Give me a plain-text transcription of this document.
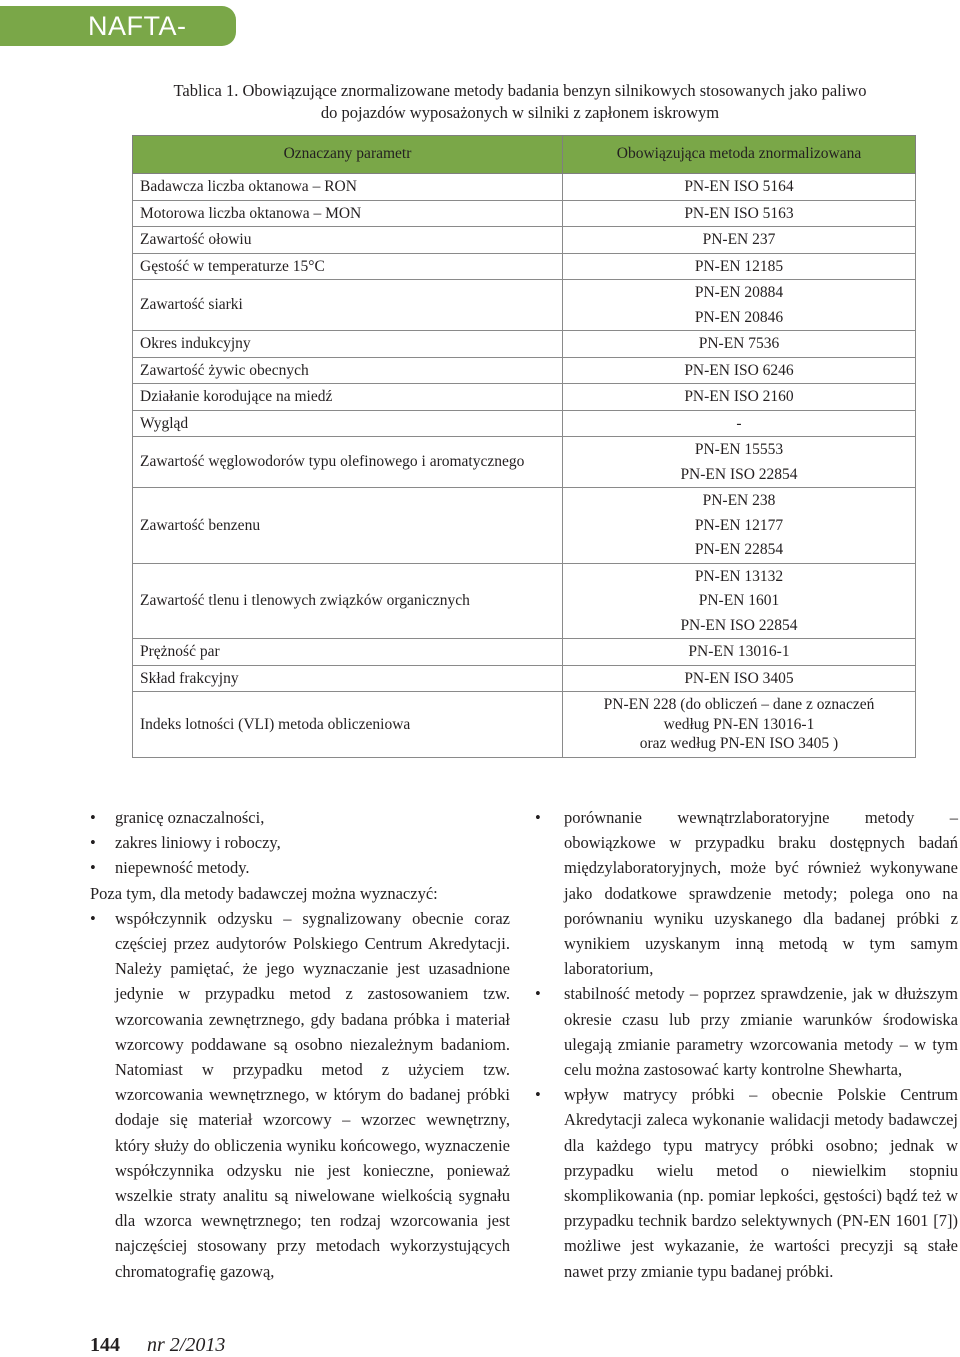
NAFTA-GAZ
Tablica 1. Obowiązujące znormalizowane metody badania benzyn silnikowych stosowanych jako paliwo
do pojazdów wyposażonych w silniki z zapłonem iskrowym
Oznaczany parametr	Obowiązująca metoda znormalizowana
Badawcza liczba oktanowa – RON	PN-EN ISO 5164

Motorowa liczba oktanowa – MON	PN-EN ISO 5163

Zawartość ołowiu	PN-EN 237

Gęstość w temperaturze 15°C	PN-EN 12185

Zawartość siarki	PN-EN 20884
PN-EN 20846

Okres indukcyjny	PN-EN 7536

Zawartość żywic obecnych	PN-EN ISO 6246

Działanie korodujące na miedź	PN-EN ISO 2160

Wygląd	-

Zawartość węglowodorów typu olefinowego i aromatycznego	PN-EN 15553
PN-EN ISO 22854

Zawartość benzenu	PN-EN 238
PN-EN 12177
PN-EN 22854

Zawartość tlenu i tlenowych związków organicznych	PN-EN 13132
PN-EN 1601
PN-EN ISO 22854

Prężność par	PN-EN 13016-1

Skład frakcyjny	PN-EN ISO 3405

Indeks lotności (VLI) metoda obliczeniowa	PN-EN 228 (do obliczeń – dane z oznaczeń
według PN-EN 13016-1
oraz według PN-EN ISO 3405 )
• granicę oznaczalności,
• zakres liniowy i roboczy,
• niepewność metody.

Poza tym, dla metody badawczej można wyznaczyć:

• współczynnik odzysku – sygnalizowany obecnie coraz częściej przez audytorów Polskiego Centrum Akredytacji. Należy pamiętać, że jego wyznaczanie jest uzasadnione jedynie w przypadku metod z zastosowaniem tzw. wzorcowania zewnętrznego, gdy badana próbka i materiał wzorcowy poddawane są osobno niezależnym badaniom. Natomiast w przypadku metod z użyciem tzw. wzorcowania wewnętrznego, w którym do badanej próbki dodaje się materiał wzorcowy – wzorzec wewnętrzny, który służy do obliczenia wyniku końcowego, wyznaczenie współczynnika odzysku nie jest konieczne, ponieważ wszelkie straty analitu są niwelowane wielkością sygnału dla wzorca wewnętrznego; ten rodzaj wzorcowania jest najczęściej stosowany przy metodach wykorzystujących chromatografię gazową,
• porównanie wewnątrzlaboratoryjne metody – obowiązkowe w przypadku braku dostępnych badań międzylaboratoryjnych, może być również wykonywane jako dodatkowe sprawdzenie metody; polega ono na porównaniu wyniku uzyskanego dla badanej próbki z wynikiem uzyskanym inną metodą w tym samym laboratorium,
• stabilność metody – poprzez sprawdzenie, jak w dłuższym okresie czasu lub przy zmianie warunków środowiska ulegają zmianie parametry wzorcowania metody – w tym celu można zastosować karty kontrolne Shewharta,
• wpływ matrycy próbki – obecnie Polskie Centrum Akredytacji zaleca wykonanie walidacji metody badawczej dla każdego typu matrycy próbki osobno; jednak w przypadku wielu metod o niewielkim stopniu skomplikowania (np. pomiar lepkości, gęstości) bądź też w przypadku technik bardzo selektywnych (PN-EN 1601 [7]) możliwe jest wykazanie, że wartości precyzji są stałe nawet przy zmianie typu badanej próbki.
144 nr 2/2013
